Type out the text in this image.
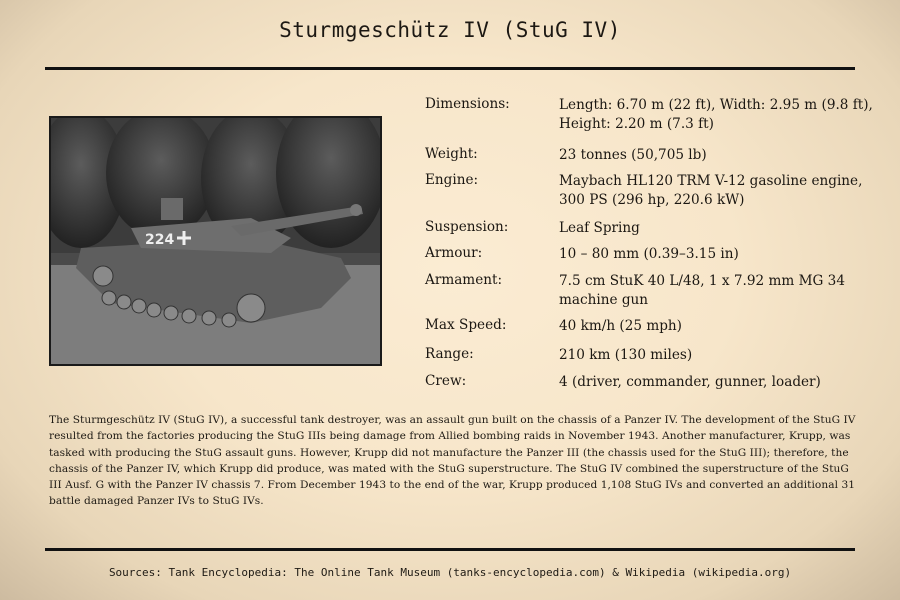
Sturmgeschütz IV (StuG IV)
224
Dimensions:	Length: 6.70 m (22 ft), Width: 2.95 m (9.8 ft), Height: 2.20 m (7.3 ft)
Weight:	23 tonnes (50,705 lb)
Engine:	Maybach HL120 TRM V-12 gasoline engine, 300 PS (296 hp, 220.6 kW)
Suspension:	Leaf Spring
Armour:	10 – 80 mm (0.39–3.15 in)
Armament:	7.5 cm StuK 40 L/48, 1 x 7.92 mm MG 34 machine gun
Max Speed:	40 km/h (25 mph)
Range:	210 km (130 miles)
Crew:	4 (driver, commander, gunner, loader)
The Sturmgeschütz IV (StuG IV), a successful tank destroyer, was an assault gun built on the chassis of a Panzer IV. The development of the StuG IV resulted from the factories producing the StuG IIIs being damage from Allied bombing raids in November 1943. Another manufacturer, Krupp, was tasked with producing the StuG assault guns. However, Krupp did not manufacture the Panzer III (the chassis used for the StuG III); therefore, the chassis of the Panzer IV, which Krupp did produce, was mated with the StuG superstructure. The StuG IV combined the superstructure of the StuG III Ausf. G with the Panzer IV chassis 7. From December 1943 to the end of the war, Krupp produced 1,108 StuG IVs and converted an additional 31 battle damaged Panzer IVs to StuG IVs.
Sources: Tank Encyclopedia: The Online Tank Museum (tanks-encyclopedia.com) & Wikipedia (wikipedia.org)
